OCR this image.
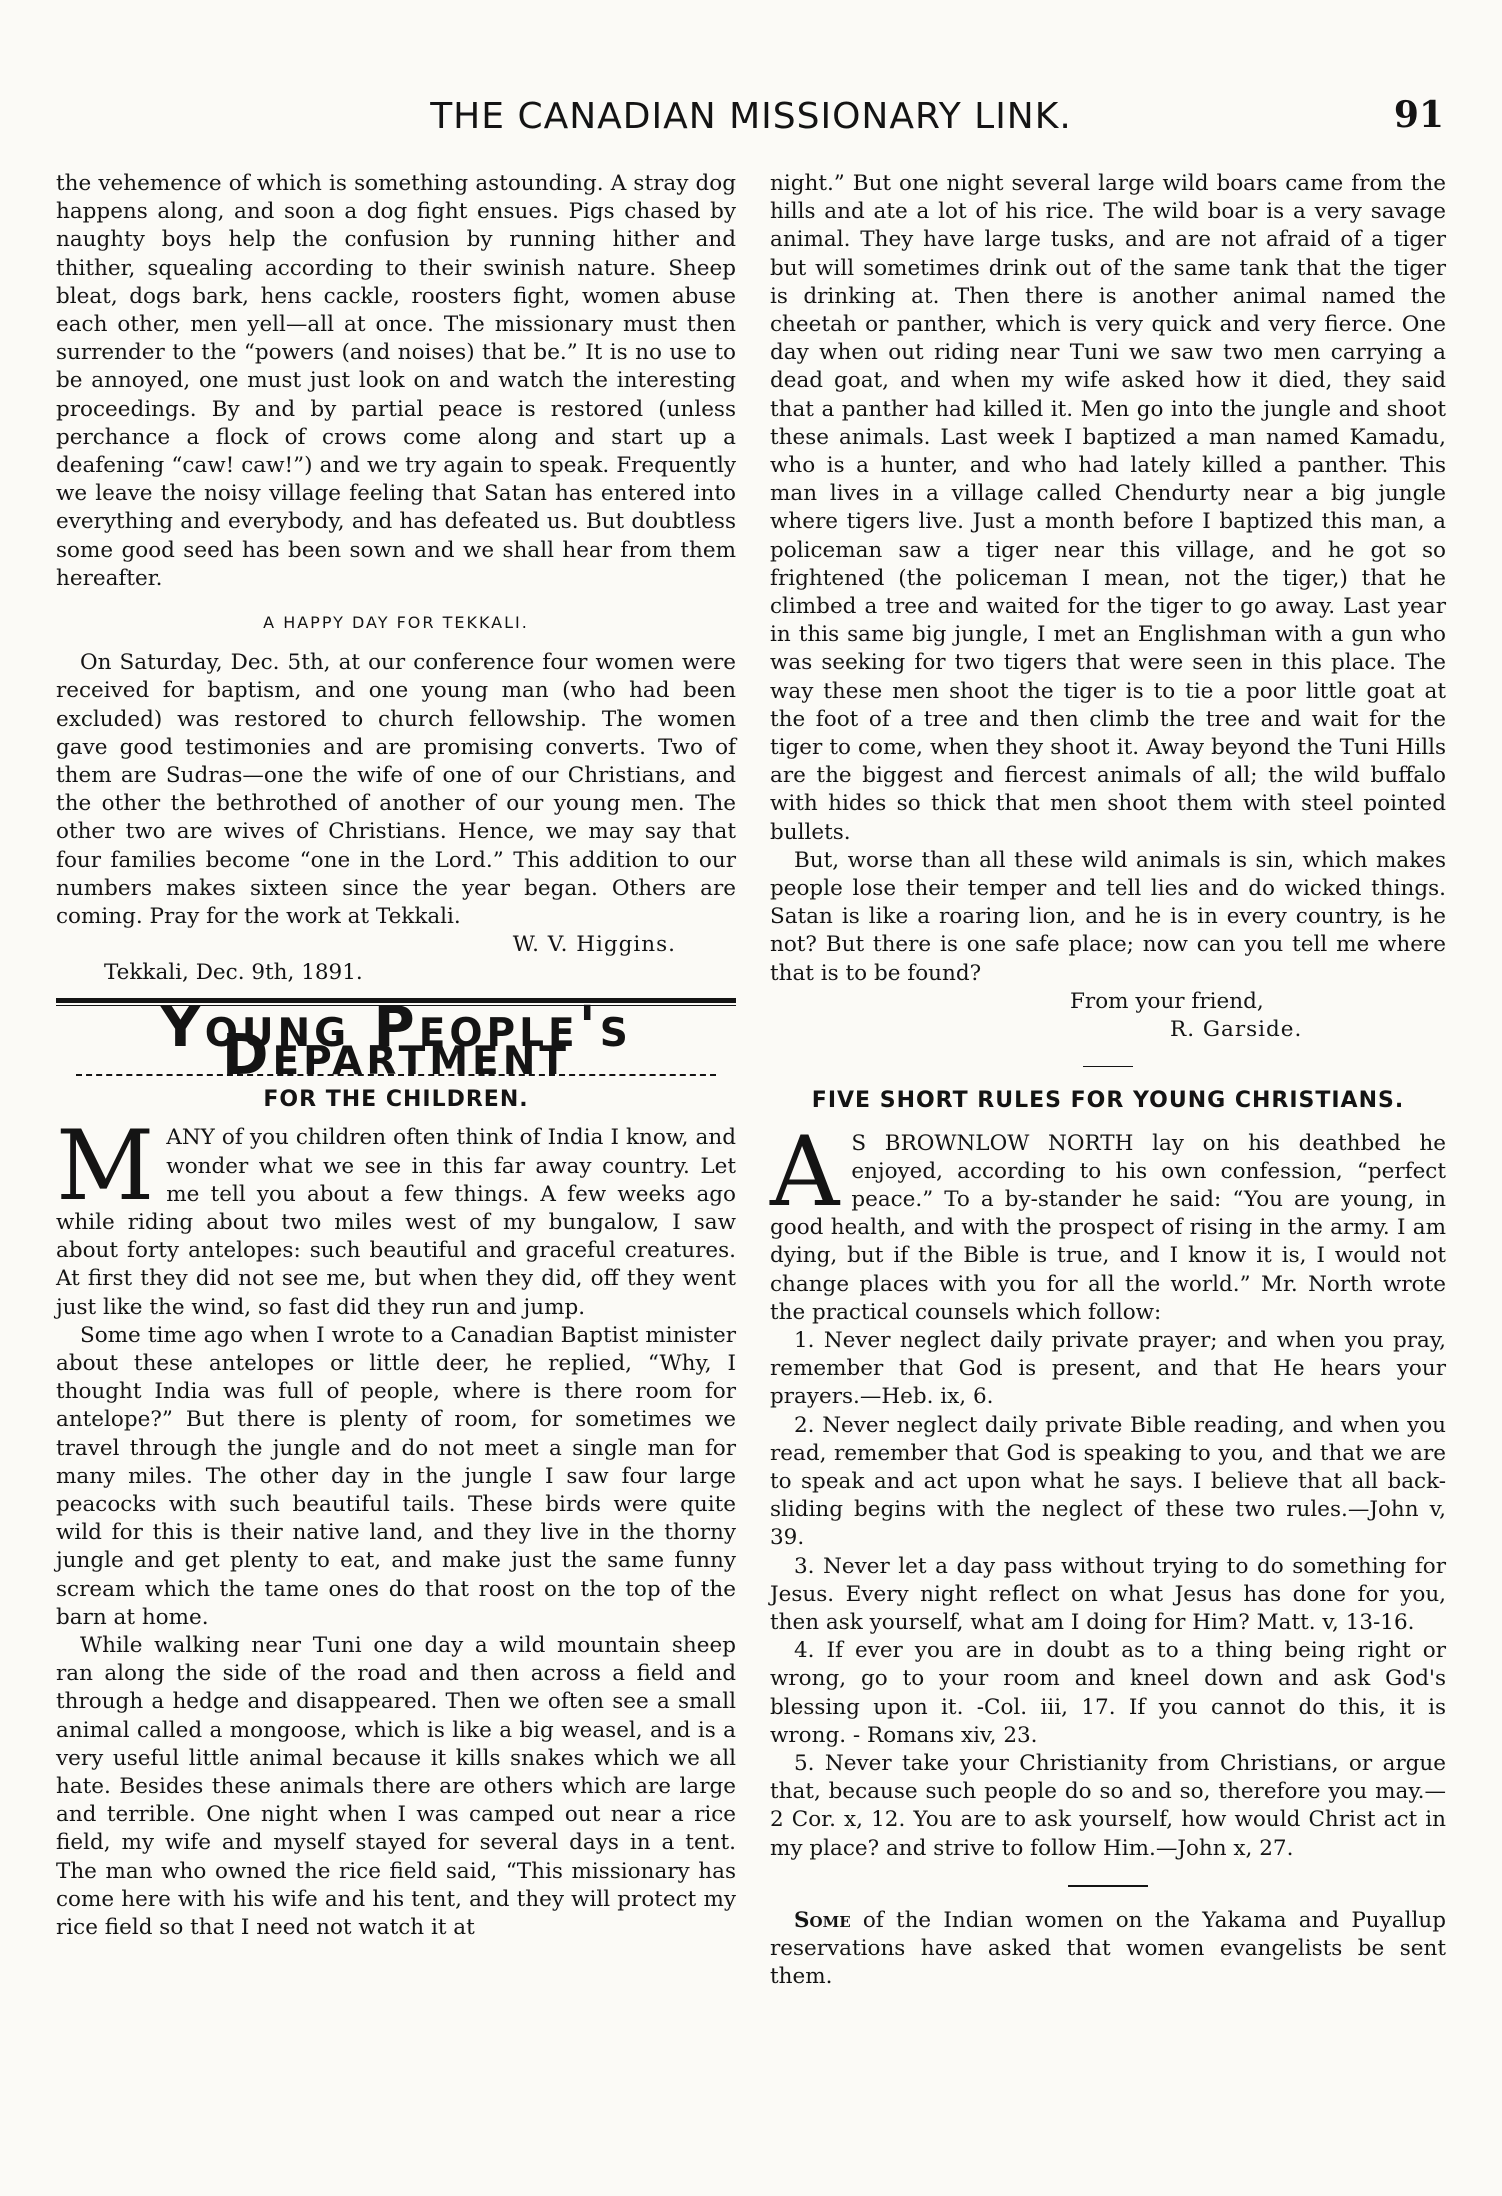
THE CANADIAN MISSIONARY LINK.	91

the vehemence of which is something astounding. A stray dog happens along, and soon a dog fight ensues. Pigs chased by naughty boys help the confusion by running hither and thither, squealing according to their swinish nature. Sheep bleat, dogs bark, hens cackle, roosters fight, women abuse each other, men yell—all at once. The missionary must then surrender to the “powers (and noises) that be.” It is no use to be annoyed, one must just look on and watch the interesting proceedings. By and by partial peace is restored (unless perchance a flock of crows come along and start up a deafening “caw! caw!”) and we try again to speak. Frequently we leave the noisy village feeling that Satan has entered into everything and everybody, and has defeated us. But doubtless some good seed has been sown and we shall hear from them hereafter.

A HAPPY DAY FOR TEKKALI.

On Saturday, Dec. 5th, at our conference four women were received for baptism, and one young man (who had been excluded) was restored to church fellowship. The women gave good testimonies and are promising converts. Two of them are Sudras—one the wife of one of our Christians, and the other the bethrothed of another of our young men. The other two are wives of Christians. Hence, we may say that four families become “one in the Lord.” This addition to our numbers makes sixteen since the year began. Others are coming. Pray for the work at Tekkali.

W. V. Higgins.

Tekkali, Dec. 9th, 1891.

Young People's Department
FOR THE CHILDREN.

MANY of you children often think of India I know, and wonder what we see in this far away country. Let me tell you about a few things. A few weeks ago while riding about two miles west of my bungalow, I saw about forty antelopes: such beautiful and graceful creatures. At first they did not see me, but when they did, off they went just like the wind, so fast did they run and jump.

Some time ago when I wrote to a Canadian Baptist minister about these antelopes or little deer, he replied, “Why, I thought India was full of people, where is there room for antelope?” But there is plenty of room, for sometimes we travel through the jungle and do not meet a single man for many miles. The other day in the jungle I saw four large peacocks with such beautiful tails. These birds were quite wild for this is their native land, and they live in the thorny jungle and get plenty to eat, and make just the same funny scream which the tame ones do that roost on the top of the barn at home.

While walking near Tuni one day a wild mountain sheep ran along the side of the road and then across a field and through a hedge and disappeared. Then we often see a small animal called a mongoose, which is like a big weasel, and is a very useful little animal because it kills snakes which we all hate. Besides these animals there are others which are large and terrible. One night when I was camped out near a rice field, my wife and myself stayed for several days in a tent. The man who owned the rice field said, “This missionary has come here with his wife and his tent, and they will protect my rice field so that I need not watch it at

night.” But one night several large wild boars came from the hills and ate a lot of his rice. The wild boar is a very savage animal. They have large tusks, and are not afraid of a tiger but will sometimes drink out of the same tank that the tiger is drinking at. Then there is another animal named the cheetah or panther, which is very quick and very fierce. One day when out riding near Tuni we saw two men carrying a dead goat, and when my wife asked how it died, they said that a panther had killed it. Men go into the jungle and shoot these animals. Last week I baptized a man named Kamadu, who is a hunter, and who had lately killed a panther. This man lives in a village called Chendurty near a big jungle where tigers live. Just a month before I baptized this man, a policeman saw a tiger near this village, and he got so frightened (the policeman I mean, not the tiger,) that he climbed a tree and waited for the tiger to go away. Last year in this same big jungle, I met an Englishman with a gun who was seeking for two tigers that were seen in this place. The way these men shoot the tiger is to tie a poor little goat at the foot of a tree and then climb the tree and wait for the tiger to come, when they shoot it. Away beyond the Tuni Hills are the biggest and fiercest animals of all; the wild buffalo with hides so thick that men shoot them with steel pointed bullets.

But, worse than all these wild animals is sin, which makes people lose their temper and tell lies and do wicked things. Satan is like a roaring lion, and he is in every country, is he not? But there is one safe place; now can you tell me where that is to be found?

From your friend,

R. Garside.

FIVE SHORT RULES FOR YOUNG CHRISTIANS.

A S BROWNLOW NORTH lay on his deathbed he enjoyed, according to his own confession, “perfect peace.” To a by-stander he said: “You are young, in good health, and with the prospect of rising in the army. I am dying, but if the Bible is true, and I know it is, I would not change places with you for all the world.” Mr. North wrote the practical counsels which follow:

1. Never neglect daily private prayer; and when you pray, remember that God is present, and that He hears your prayers.—Heb. ix, 6.

2. Never neglect daily private Bible reading, and when you read, remember that God is speaking to you, and that we are to speak and act upon what he says. I believe that all back-sliding begins with the neglect of these two rules.—John v, 39.

3. Never let a day pass without trying to do something for Jesus. Every night reflect on what Jesus has done for you, then ask yourself, what am I doing for Him? Matt. v, 13-16.

4. If ever you are in doubt as to a thing being right or wrong, go to your room and kneel down and ask God's blessing upon it. -Col. iii, 17. If you cannot do this, it is wrong. - Romans xiv, 23.

5. Never take your Christianity from Christians, or argue that, because such people do so and so, therefore you may.—2 Cor. x, 12. You are to ask yourself, how would Christ act in my place? and strive to follow Him.—John x, 27.

Some of the Indian women on the Yakama and Puyallup reservations have asked that women evangelists be sent them.
